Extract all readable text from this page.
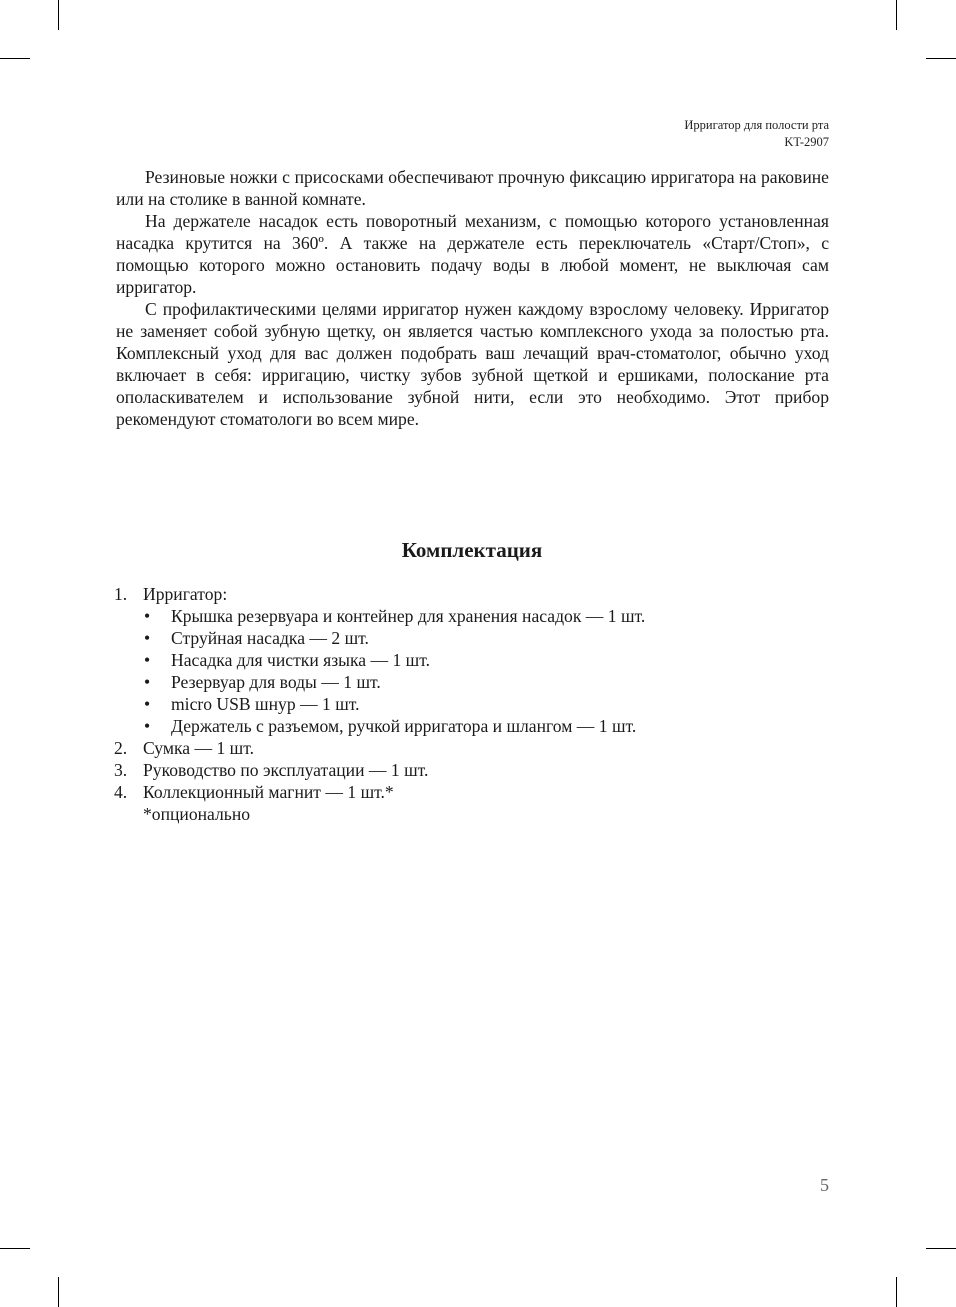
Ирригатор для полости рта
KT-2907

Резиновые ножки с присосками обеспечивают прочную фиксацию ирригатора на раковине или на столике в ванной комнате.

На держателе насадок есть поворотный механизм, с помощью которого установленная насадка крутится на 360º. А также на держателе есть переключатель «Старт/Стоп», с помощью которого можно остановить подачу воды в любой момент, не выключая сам ирригатор.

С профилактическими целями ирригатор нужен каждому взрослому человеку. Ирригатор не заменяет собой зубную щетку, он является частью комплексного ухода за полостью рта. Комплексный уход для вас должен подобрать ваш лечащий врач-стоматолог, обычно уход включает в себя: ирригацию, чистку зубов зубной щеткой и ершиками, полоскание рта ополаскивателем и использование зубной нити, если это необходимо. Этот прибор рекомендуют стоматологи во всем мире.

Комплектация
1. Ирригатор:
• Крышка резервуара и контейнер для хранения насадок — 1 шт.
• Струйная насадка — 2 шт.
• Насадка для чистки языка — 1 шт.
• Резервуар для воды — 1 шт.
• micro USB шнур — 1 шт.
• Держатель с разъемом, ручкой ирригатора и шлангом — 1 шт.
2. Сумка — 1 шт.
3. Руководство по эксплуатации — 1 шт.
4. Коллекционный магнит — 1 шт.*
*опционально
5
